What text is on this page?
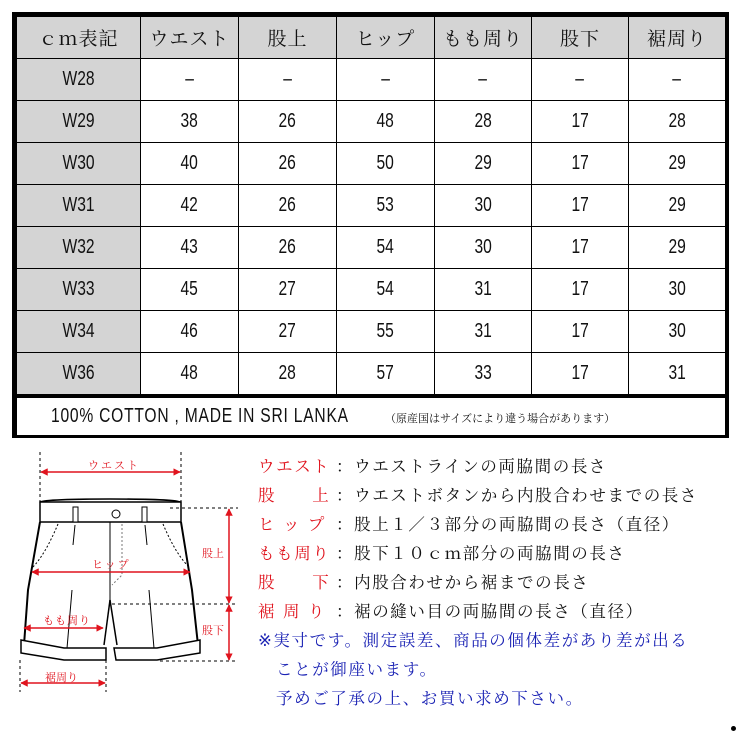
ｃｍ表記	ウエスト	股上	ヒップ	もも周り	股下	裾周り
W28	–	–	–	–	–	–
W29	38	26	48	28	17	28
W30	40	26	50	29	17	29
W31	42	26	53	30	17	29
W32	43	26	54	30	17	29
W33	45	27	54	31	17	30
W34	46	27	55	31	17	30
W36	48	28	57	33	17	31
100% COTTON , MADE IN SRI LANKA							（原産国はサイズにより違う場合があります）
ウエスト
ヒップ
股上
もも周り
股下
裾周り
ウエスト ：ウエストラインの両脇間の長さ
股　　上 ：ウエストボタンから内股合わせまでの長さ
ヒ ッ プ ：股上１／３部分の両脇間の長さ（直径）
もも周り ：股下１０ｃｍ部分の両脇間の長さ
股　　下 ：内股合わせから裾までの長さ
裾 周 り ：裾の縫い目の両脇間の長さ（直径）
※実寸です。測定誤差、商品の個体差があり差が出る
ことが御座います。
予めご了承の上、お買い求め下さい。
